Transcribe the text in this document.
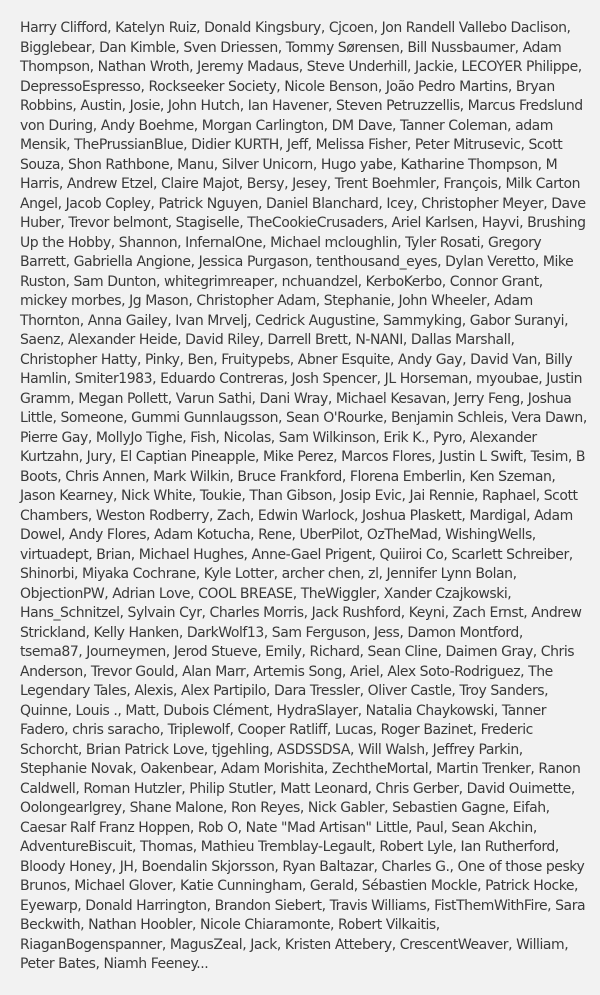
Harry Clifford, Katelyn Ruiz, Donald Kingsbury, Cjcoen, Jon Randell Vallebo Daclison, Bigglebear, Dan Kimble, Sven Driessen, Tommy Sørensen, Bill Nussbaumer, Adam Thompson, Nathan Wroth, Jeremy Madaus, Steve Underhill, Jackie, LECOYER Philippe, DepressoEspresso, Rockseeker Society, Nicole Benson, João Pedro Martins, Bryan Robbins, Austin, Josie, John Hutch, Ian Havener, Steven Petruzzellis, Marcus Fredslund von During, Andy Boehme, Morgan Carlington, DM Dave, Tanner Coleman, adam Mensik, ThePrussianBlue, Didier KURTH, Jeff, Melissa Fisher, Peter Mitrusevic, Scott Souza, Shon Rathbone, Manu, Silver Unicorn, Hugo yabe, Katharine Thompson, M Harris, Andrew Etzel, Claire Majot, Bersy, Jesey, Trent Boehmler, François, Milk Carton Angel, Jacob Copley, Patrick Nguyen, Daniel Blanchard, Icey, Christopher Meyer, Dave Huber, Trevor belmont, Stagiselle, TheCookieCrusaders, Ariel Karlsen, Hayvi, Brushing Up the Hobby, Shannon, InfernalOne, Michael mcloughlin, Tyler Rosati, Gregory Barrett, Gabriella Angione, Jessica Purgason, tenthousand_eyes, Dylan Veretto, Mike Ruston, Sam Dunton, whitegrimreaper, nchuandzel, KerboKerbo, Connor Grant, mickey morbes, Jg Mason, Christopher Adam, Stephanie, John Wheeler, Adam Thornton, Anna Gailey, Ivan Mrvelj, Cedrick Augustine, Sammyking, Gabor Suranyi, Saenz, Alexander Heide, David Riley, Darrell Brett, N-NANI, Dallas Marshall, Christopher Hatty, Pinky, Ben, Fruitypebs, Abner Esquite, Andy Gay, David Van, Billy Hamlin, Smiter1983, Eduardo Contreras, Josh Spencer, JL Horseman, myoubae, Justin Gramm, Megan Pollett, Varun Sathi, Dani Wray, Michael Kesavan, Jerry Feng, Joshua Little, Someone, Gummi Gunnlaugsson, Sean O'Rourke, Benjamin Schleis, Vera Dawn, Pierre Gay, MollyJo Tighe, Fish, Nicolas, Sam Wilkinson, Erik K., Pyro, Alexander Kurtzahn, Jury, El Captian Pineapple, Mike Perez, Marcos Flores, Justin L Swift, Tesim, B Boots, Chris Annen, Mark Wilkin, Bruce Frankford, Florena Emberlin, Ken Szeman, Jason Kearney, Nick White, Toukie, Than Gibson, Josip Evic, Jai Rennie, Raphael, Scott Chambers, Weston Rodberry, Zach, Edwin Warlock, Joshua Plaskett, Mardigal, Adam Dowel, Andy Flores, Adam Kotucha, Rene, UberPilot, OzTheMad, WishingWells, virtuadept, Brian, Michael Hughes, Anne-Gael Prigent, Quiiroi Co, Scarlett Schreiber, Shinorbi, Miyaka Cochrane, Kyle Lotter, archer chen, zl, Jennifer Lynn Bolan, ObjectionPW, Adrian Love, COOL BREASE, TheWiggler, Xander Czajkowski, Hans_Schnitzel, Sylvain Cyr, Charles Morris, Jack Rushford, Keyni, Zach Ernst, Andrew Strickland, Kelly Hanken, DarkWolf13, Sam Ferguson, Jess, Damon Montford, tsema87, Journeymen, Jerod Stueve, Emily, Richard, Sean Cline, Daimen Gray, Chris Anderson, Trevor Gould, Alan Marr, Artemis Song, Ariel, Alex Soto-Rodriguez, The Legendary Tales, Alexis, Alex Partipilo, Dara Tressler, Oliver Castle, Troy Sanders, Quinne, Louis ., Matt, Dubois Clément, HydraSlayer, Natalia Chaykowski, Tanner Fadero, chris saracho, Triplewolf, Cooper Ratliff, Lucas, Roger Bazinet, Frederic Schorcht, Brian Patrick Love, tjgehling, ASDSSDSA, Will Walsh, Jeffrey Parkin, Stephanie Novak, Oakenbear, Adam Morishita, ZechtheMortal, Martin Trenker, Ranon Caldwell, Roman Hutzler, Philip Stutler, Matt Leonard, Chris Gerber, David Ouimette, Oolongearlgrey, Shane Malone, Ron Reyes, Nick Gabler, Sebastien Gagne, Eifah, Caesar Ralf Franz Hoppen, Rob O, Nate "Mad Artisan" Little, Paul, Sean Akchin, AdventureBiscuit, Thomas, Mathieu Tremblay-Legault, Robert Lyle, Ian Rutherford, Bloody Honey, JH, Boendalin Skjorsson, Ryan Baltazar, Charles G., One of those pesky Brunos, Michael Glover, Katie Cunningham, Gerald, Sébastien Mockle, Patrick Hocke, Eyewarp, Donald Harrington, Brandon Siebert, Travis Williams, FistThemWithFire, Sara Beckwith, Nathan Hoobler, Nicole Chiaramonte, Robert Vilkaitis, RiaganBogenspanner, MagusZeal, Jack, Kristen Attebery, CrescentWeaver, William, Peter Bates, Niamh Feeney...
